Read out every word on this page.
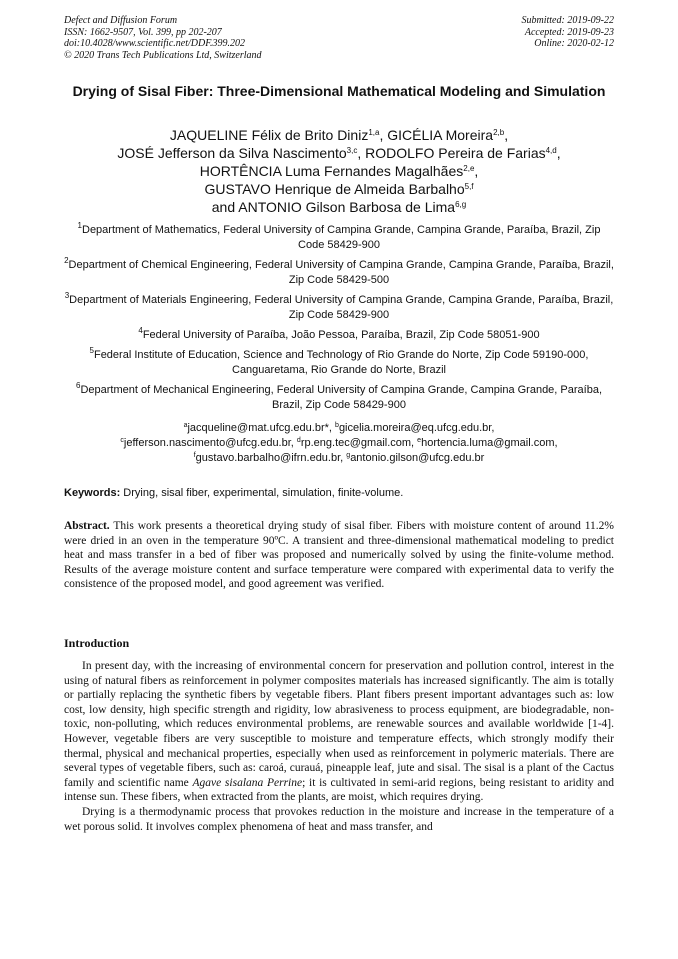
Defect and Diffusion Forum
ISSN: 1662-9507, Vol. 399, pp 202-207
doi:10.4028/www.scientific.net/DDF.399.202
© 2020 Trans Tech Publications Ltd, Switzerland
Submitted: 2019-09-22
Accepted: 2019-09-23
Online: 2020-02-12
Drying of Sisal Fiber: Three-Dimensional Mathematical Modeling and Simulation
JAQUELINE Félix de Brito Diniz$^{1,a}$, GICÉLIA Moreira$^{2,b}$,
JOSÉ Jefferson da Silva Nascimento$^{3,c}$, RODOLFO Pereira de Farias$^{4,d}$,
HORTÊNCIA Luma Fernandes Magalhães$^{2,e}$,
GUSTAVO Henrique de Almeida Barbalho$^{5,f}$
and ANTONIO Gilson Barbosa de Lima$^{6,g}$
$^1$Department of Mathematics, Federal University of Campina Grande, Campina Grande, Paraíba, Brazil, Zip Code 58429-900
$^2$Department of Chemical Engineering, Federal University of Campina Grande, Campina Grande, Paraíba, Brazil, Zip Code 58429-500
$^3$Department of Materials Engineering, Federal University of Campina Grande, Campina Grande, Paraíba, Brazil, Zip Code 58429-900
$^4$Federal University of Paraíba, João Pessoa, Paraíba, Brazil, Zip Code 58051-900
$^5$Federal Institute of Education, Science and Technology of Rio Grande do Norte, Zip Code 59190-000, Canguaretama, Rio Grande do Norte, Brazil
$^6$Department of Mechanical Engineering, Federal University of Campina Grande, Campina Grande, Paraíba, Brazil, Zip Code 58429-900
$^a$jacqueline@mat.ufcg.edu.br*, $^b$gicelia.moreira@eq.ufcg.edu.br,
$^c$jefferson.nascimento@ufcg.edu.br, $^d$rp.eng.tec@gmail.com, $^e$hortencia.luma@gmail.com,
$^f$gustavo.barbalho@ifrn.edu.br, $^g$antonio.gilson@ufcg.edu.br
Keywords: Drying, sisal fiber, experimental, simulation, finite-volume.
Abstract. This work presents a theoretical drying study of sisal fiber. Fibers with moisture content of around 11.2% were dried in an oven in the temperature 90ºC. A transient and three-dimensional mathematical modeling to predict heat and mass transfer in a bed of fiber was proposed and numerically solved by using the finite-volume method. Results of the average moisture content and surface temperature were compared with experimental data to verify the consistence of the proposed model, and good agreement was verified.
Introduction

In present day, with the increasing of environmental concern for preservation and pollution control, interest in the using of natural fibers as reinforcement in polymer composites materials has increased significantly. The aim is totally or partially replacing the synthetic fibers by vegetable fibers. Plant fibers present important advantages such as: low cost, low density, high specific strength and rigidity, low abrasiveness to process equipment, are biodegradable, non-toxic, non-polluting, which reduces environmental problems, are renewable sources and available worldwide [1-4]. However, vegetable fibers are very susceptible to moisture and temperature effects, which strongly modify their thermal, physical and mechanical properties, especially when used as reinforcement in polymeric materials. There are several types of vegetable fibers, such as: caroá, curauá, pineapple leaf, jute and sisal. The sisal is a plant of the Cactus family and scientific name Agave sisalana Perrine; it is cultivated in semi-arid regions, being resistant to aridity and intense sun. These fibers, when extracted from the plants, are moist, which requires drying.

Drying is a thermodynamic process that provokes reduction in the moisture and increase in the temperature of a wet porous solid. It involves complex phenomena of heat and mass transfer, and
